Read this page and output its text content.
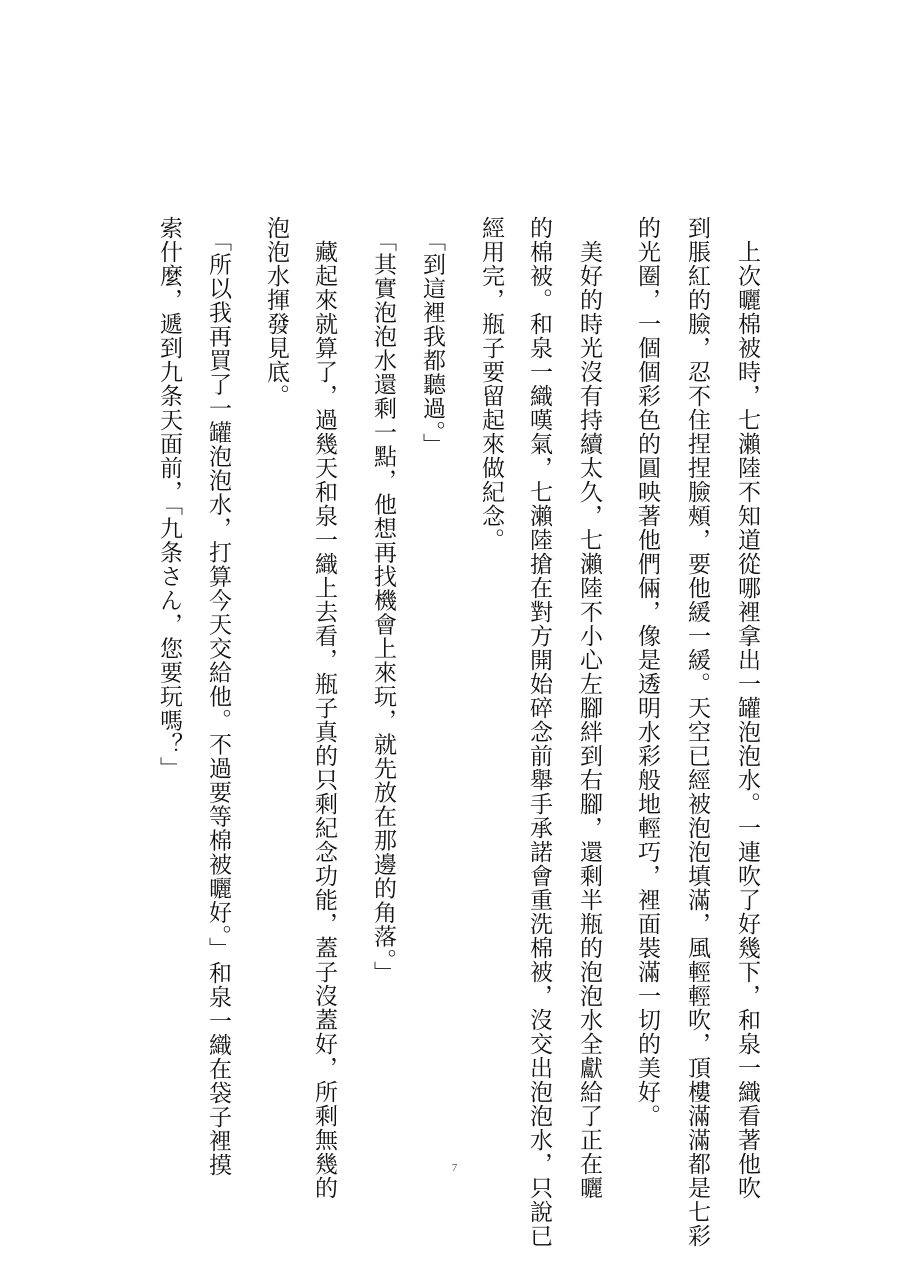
　上次曬棉被時，七瀨陸不知道從哪裡拿出一罐泡泡水。一連吹了好幾下，和泉一織看著他吹
到脹紅的臉，忍不住捏捏臉頰，要他緩一緩。天空已經被泡泡填滿，風輕輕吹，頂樓滿滿都是七彩
的光圈，一個個彩色的圓映著他們倆，像是透明水彩般地輕巧，裡面裝滿一切的美好。
　美好的時光沒有持續太久，七瀨陸不小心左腳絆到右腳，還剩半瓶的泡泡水全獻給了正在曬
的棉被。和泉一織嘆氣，七瀨陸搶在對方開始碎念前舉手承諾會重洗棉被，沒交出泡泡水，只說已
經用完，瓶子要留起來做紀念。
　「到這裡我都聽過。」
　「其實泡泡水還剩一點，他想再找機會上來玩，就先放在那邊的角落。」
　藏起來就算了，過幾天和泉一織上去看，瓶子真的只剩紀念功能，蓋子沒蓋好，所剩無幾的
泡泡水揮發見底。
　「所以我再買了一罐泡泡水，打算今天交給他。不過要等棉被曬好。」和泉一織在袋子裡摸
索什麼，遞到九条天面前，「九条さん，您要玩嗎？」
7
